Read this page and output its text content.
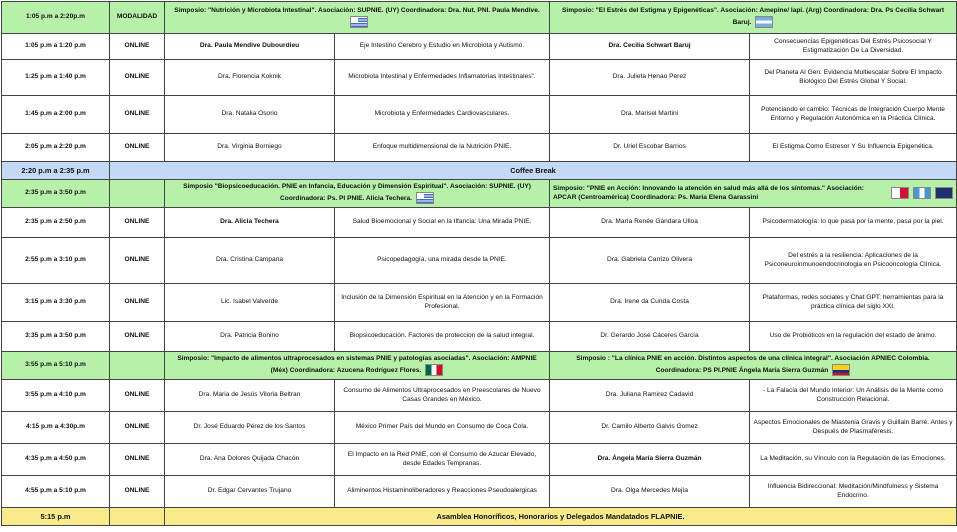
1:05 p.m a 2:20p.m	MODALIDAD	Simposio: "Nutrición y Microbiota Intestinal". Asociación: SUPNIE. (UY) Coordinadora: Dra. Nut. PNI. Paula Mendive.		Simposio: "El Estrés del Estigma y Epigenéticas". Asociación: Amepine/ Iapi. (Arg) Coordinadora: Dra. Ps Cecilia Schwart Baruj.	
1:05 p.m a 1:20 p.m	ONLINE	Dra. Paula Mendive Dubourdieu	Eje Intestino Cerebro y Estudio en Microbiota y Autismo.	Dra. Cecilia Schwart Baruj	Consecuencias Epigenéticas Del Estrés Psicosocial Y Estigmatización De La Diversidad.
1:25 p.m a 1:40 p.m	ONLINE	Dra. Florencia Koknik	Microbiota Intestinal y Enfermedades Inflamatorias Intestinales".	Dra. Julieta Henao Perez	Del Planeta Al Gen: Evidencia Multiescalar Sobre El Impacto Biológico Del Estrés Global Y Social.
1:45 p.m a 2:00 p.m	ONLINE	Dra. Natalia Osorio	Microbiota y Enfermedades Cardiovasculares.	Dra. Marisel Martini	Potenciando el cambio: Técnicas de Integración Cuerpo Mente Entorno y Regulación Autonómica en la Práctica Clínica.
2:05 p.m a 2:20 p.m	ONLINE	Dra. Virginia Borniego	Enfoque multidimensional de la Nutrición PNIE.	Dr. Uriel Escobar Barrios	El Estigma Como Estresor Y Su Influencia Epigenética.
2:20 p.m a 2:35 p.m	Coffee Break				
2:35 p.m a 3:50 p.m		Simposio "Biopsicoeducación. PNIE en Infancia, Educación y Dimensión Espiritual". Asociación: SUPNIE. (UY) Coordinadora: Ps. PI PNIE. Alicia Techera.		Simposio: "PNIE en Acción: Innovando la atención en salud más allá de los síntomas." Asociación: APCAR (Centroamérica) Coordinadora: Ps. María Elena Garassini	
2:35 p.m a 2:50 p.m	ONLINE	Dra. Alicia Techera	Salud Bioemocional y Social en la Ilfancia: Una Mirada PNIE.	Dra. María Renée Gándara Ulloa	Psicodermatología: lo que pasa por la mente, pasa por la piel.
2:55 p.m a 3:10 p.m	ONLINE	Dra. Cristina Campana	Psicopedagogía, una mirada desde la PNIE.	Dra. Gabriela Carrizo Olivera	Del estrés a la resiliencia: Aplicaciones de la Psiconeuroinmunoendocrinologia en Psicooncología Clínica.
3:15 p.m a 3:30 p.m	ONLINE	Lic. Isabel Valverde	Inclusión de la Dimensión Espiritual en la Atención y en la Formación Profesional.	Dra. Irene da Cunda Costa	Plataformas, redes sociales y Chat GPT: herramientas para la práctica clínica del siglo XXI.
3:35 p.m a 3:50 p.m	ONLINE	Dra. Patricia Bonino	Biopsicoeducación. Factores de proteccion de la salud integral.	Dr. Gerardo José Cáceres García	Uso de Probióticos en la regulación del estado de ánimo.
3:55 p.m a 5:10 p.m		Simposio: "Impacto de alimentos ultraprocesados en sistemas PNIE y patologías asociadas". Asociación: AMPNIE (Méx) Coordinadora: Azucena Rodríguez Flores.		Simposio : "La clínica PNIE en acción. Distintos aspectos de una clínica integral". Asociación APNIEC Colombia. Coordinadora: PS PI.PNIE Ángela María Sierra Guzmán	
3:55 p.m a 4:10 p.m	ONLINE	Dra. Maria de Jesús Viloria Beltran	Consumo de Alimentos Ultraprocesados en Preescolares de Nuevo Casas Grandes en México.	Dra. Juliana Ramirez Cadavid	- La Falacia del Mundo Interior: Un Análisis de la Mente como Construcción Relacional.
4:15 p.m a 4:30p.m	ONLINE	Dr. José Eduardo Pérez de los Santos	México Primer País del Mundo en Consumo de Coca Cola.	Dr. Camilo Alberto Galvis Gomez	Aspectos Emocionales de Miastenia Gravis y Guillain Barré. Antes y Después de Plasmaféresis.
4:35 p.m a 4:50 p.m	ONLINE	Dra. Ana Dolores Quijada Chacón	El Impacto en la Red PNIE, con el Consumo de Azucar Elevado, desde Edades Tempranas.	Dra. Ángela María Sierra Guzmán	La Meditación, su Vínculo con la Regulación de las Emociones.
4:55 p.m a 5:10 p.m	ONLINE	Dr. Edgar Cervantes Trujano	Aliminentos Histaminoliberadores y Reacciones Pseudoalergicas	Dra. Olga Mercedes Mejía	Influencia Bidireccional: Meditación/Mindfulness y Sistema Endocrino.
5:15 p.m		Asamblea Honoríficos, Honorarios y Delegados Mandatados FLAPNIE.			
